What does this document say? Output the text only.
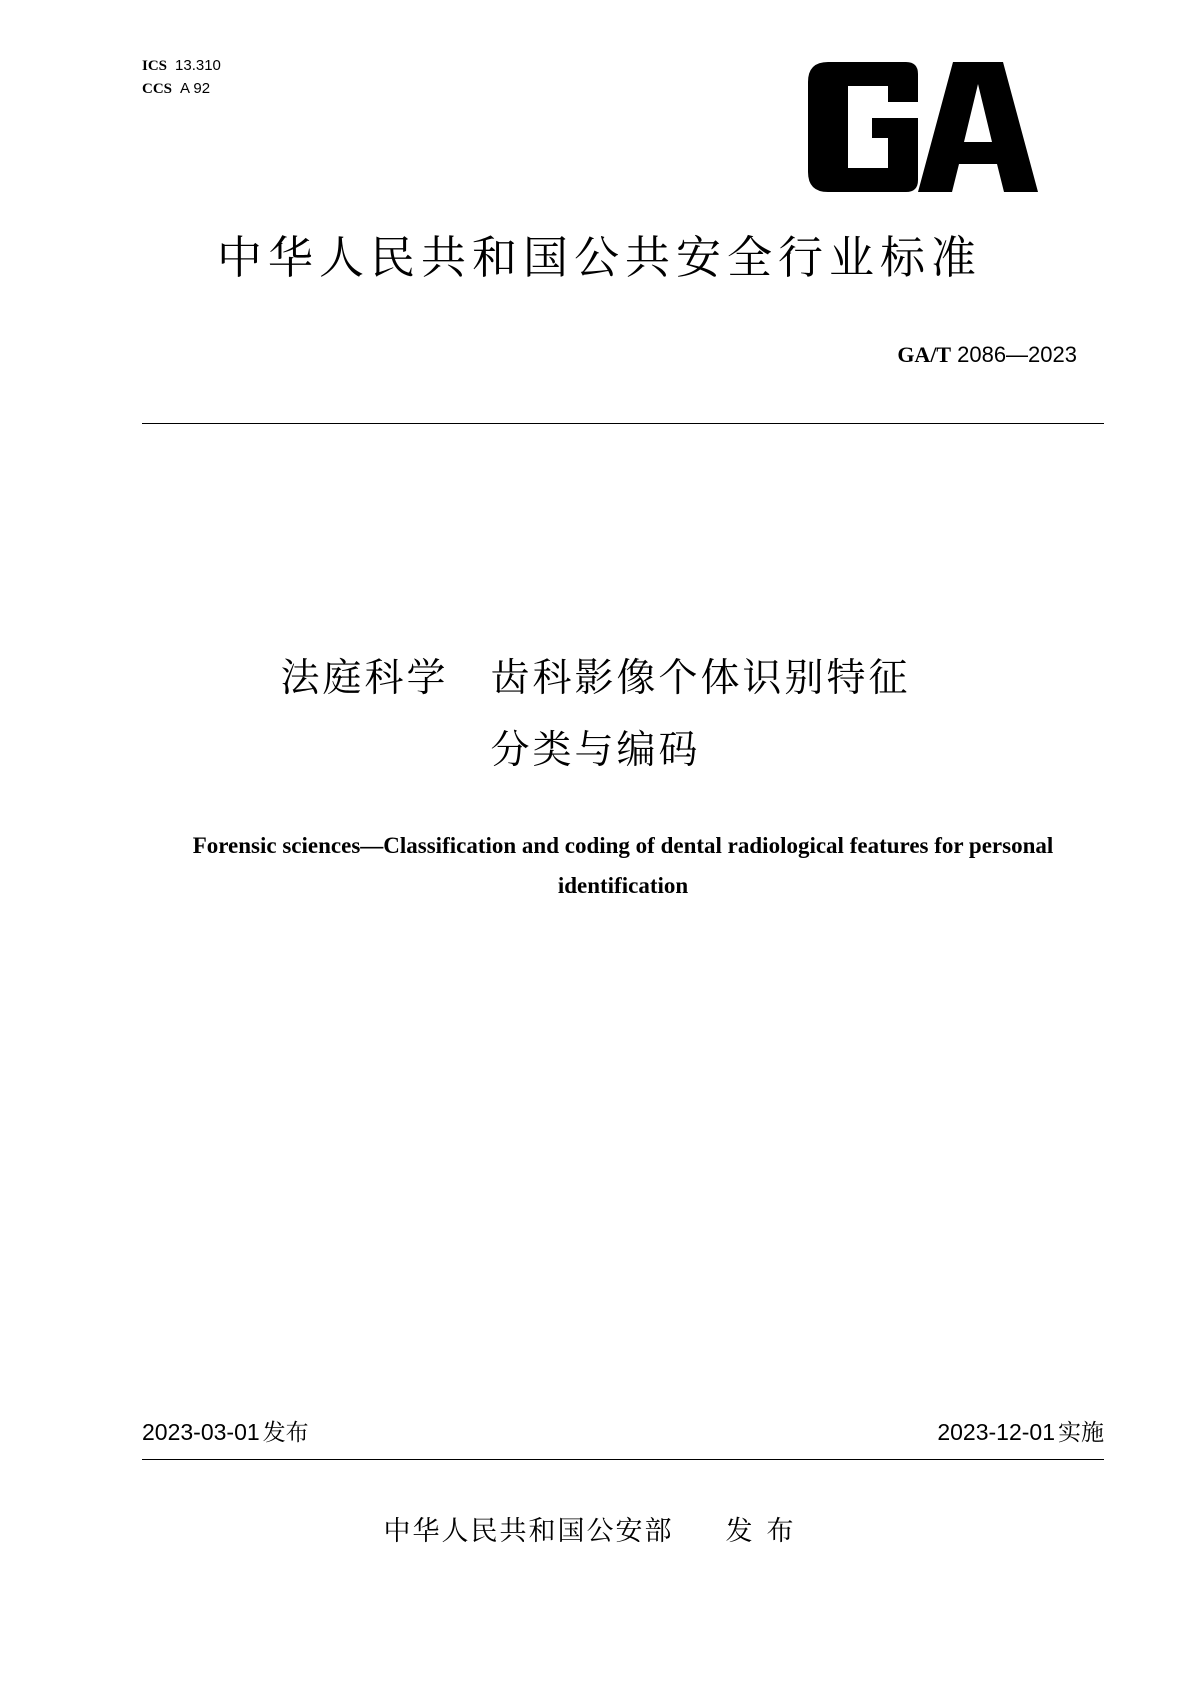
ICS 13.310
CCS A 92
中华人民共和国公共安全行业标准
GA/T 2086—2023
法庭科学　齿科影像个体识别特征
分类与编码
Forensic sciences—Classification and coding of dental radiological features for personal identification
2023-03-01 发布	2023-12-01 实施
中华人民共和国公安部 发布
